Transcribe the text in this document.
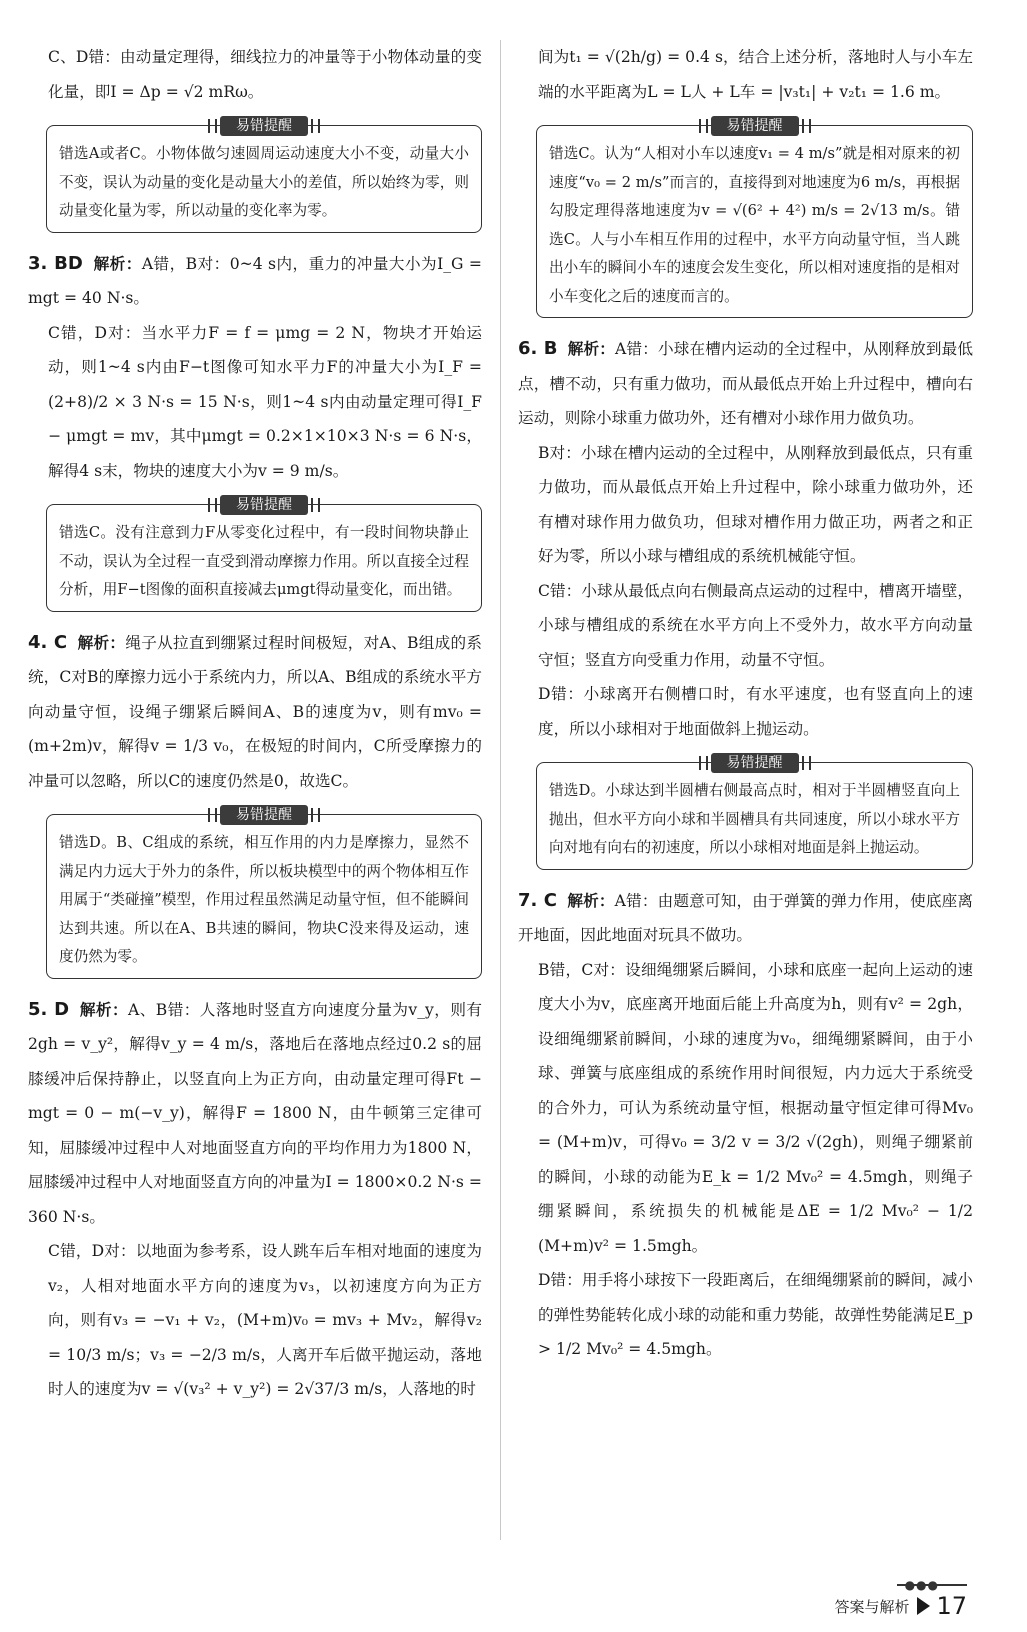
C、D错：由动量定理得，细线拉力的冲量等于小物体动量的变化量，即I = Δp = √2 mRω。

易错提醒

错选A或者C。小物体做匀速圆周运动速度大小不变，动量大小不变，误认为动量的变化是动量大小的差值，所以始终为零，则动量变化量为零，所以动量的变化率为零。

3. BD 解析：A错，B对：0~4 s内，重力的冲量大小为I_G = mgt = 40 N·s。

C错，D对：当水平力F = f = μmg = 2 N，物块才开始运动，则1~4 s内由F−t图像可知水平力F的冲量大小为I_F = (2+8)/2 × 3 N·s = 15 N·s，则1~4 s内由动量定理可得I_F − μmgt = mv，其中μmgt = 0.2×1×10×3 N·s = 6 N·s，解得4 s末，物块的速度大小为v = 9 m/s。

易错提醒

错选C。没有注意到力F从零变化过程中，有一段时间物块静止不动，误认为全过程一直受到滑动摩擦力作用。所以直接全过程分析，用F−t图像的面积直接减去μmgt得动量变化，而出错。

4. C 解析：绳子从拉直到绷紧过程时间极短，对A、B组成的系统，C对B的摩擦力远小于系统内力，所以A、B组成的系统水平方向动量守恒，设绳子绷紧后瞬间A、B的速度为v，则有mv₀ = (m+2m)v，解得v = 1/3 v₀，在极短的时间内，C所受摩擦力的冲量可以忽略，所以C的速度仍然是0，故选C。

易错提醒

错选D。B、C组成的系统，相互作用的内力是摩擦力，显然不满足内力远大于外力的条件，所以板块模型中的两个物体相互作用属于“类碰撞”模型，作用过程虽然满足动量守恒，但不能瞬间达到共速。所以在A、B共速的瞬间，物块C没来得及运动，速度仍然为零。

5. D 解析：A、B错：人落地时竖直方向速度分量为v_y，则有2gh = v_y²，解得v_y = 4 m/s，落地后在落地点经过0.2 s的屈膝缓冲后保持静止，以竖直向上为正方向，由动量定理可得Ft − mgt = 0 − m(−v_y)，解得F = 1800 N，由牛顿第三定律可知，屈膝缓冲过程中人对地面竖直方向的平均作用力为1800 N，屈膝缓冲过程中人对地面竖直方向的冲量为I = 1800×0.2 N·s = 360 N·s。

C错，D对：以地面为参考系，设人跳车后车相对地面的速度为v₂，人相对地面水平方向的速度为v₃，以初速度方向为正方向，则有v₃ = −v₁ + v₂，(M+m)v₀ = mv₃ + Mv₂，解得v₂ = 10/3 m/s；v₃ = −2/3 m/s，人离开车后做平抛运动，落地时人的速度为v = √(v₃² + v_y²) = 2√37/3 m/s，人落地的时

间为t₁ = √(2h/g) = 0.4 s，结合上述分析，落地时人与小车左端的水平距离为L = L人 + L车 = |v₃t₁| + v₂t₁ = 1.6 m。

易错提醒

错选C。认为“人相对小车以速度v₁ = 4 m/s”就是相对原来的初速度“v₀ = 2 m/s”而言的，直接得到对地速度为6 m/s，再根据勾股定理得落地速度为v = √(6² + 4²) m/s = 2√13 m/s。错选C。人与小车相互作用的过程中，水平方向动量守恒，当人跳出小车的瞬间小车的速度会发生变化，所以相对速度指的是相对小车变化之后的速度而言的。

6. B 解析：A错：小球在槽内运动的全过程中，从刚释放到最低点，槽不动，只有重力做功，而从最低点开始上升过程中，槽向右运动，则除小球重力做功外，还有槽对小球作用力做负功。

B对：小球在槽内运动的全过程中，从刚释放到最低点，只有重力做功，而从最低点开始上升过程中，除小球重力做功外，还有槽对球作用力做负功，但球对槽作用力做正功，两者之和正好为零，所以小球与槽组成的系统机械能守恒。

C错：小球从最低点向右侧最高点运动的过程中，槽离开墙壁，小球与槽组成的系统在水平方向上不受外力，故水平方向动量守恒；竖直方向受重力作用，动量不守恒。

D错：小球离开右侧槽口时，有水平速度，也有竖直向上的速度，所以小球相对于地面做斜上抛运动。

易错提醒

错选D。小球达到半圆槽右侧最高点时，相对于半圆槽竖直向上抛出，但水平方向小球和半圆槽具有共同速度，所以小球水平方向对地有向右的初速度，所以小球相对地面是斜上抛运动。

7. C 解析：A错：由题意可知，由于弹簧的弹力作用，使底座离开地面，因此地面对玩具不做功。

B错，C对：设细绳绷紧后瞬间，小球和底座一起向上运动的速度大小为v，底座离开地面后能上升高度为h，则有v² = 2gh，设细绳绷紧前瞬间，小球的速度为v₀，细绳绷紧瞬间，由于小球、弹簧与底座组成的系统作用时间很短，内力远大于系统受的合外力，可认为系统动量守恒，根据动量守恒定律可得Mv₀ = (M+m)v，可得v₀ = 3/2 v = 3/2 √(2gh)，则绳子绷紧前的瞬间，小球的动能为E_k = 1/2 Mv₀² = 4.5mgh，则绳子绷紧瞬间，系统损失的机械能是ΔE = 1/2 Mv₀² − 1/2 (M+m)v² = 1.5mgh。

D错：用手将小球按下一段距离后，在细绳绷紧前的瞬间，减小的弹性势能转化成小球的动能和重力势能，故弹性势能满足E_p > 1/2 Mv₀² = 4.5mgh。

答案与解析 17
